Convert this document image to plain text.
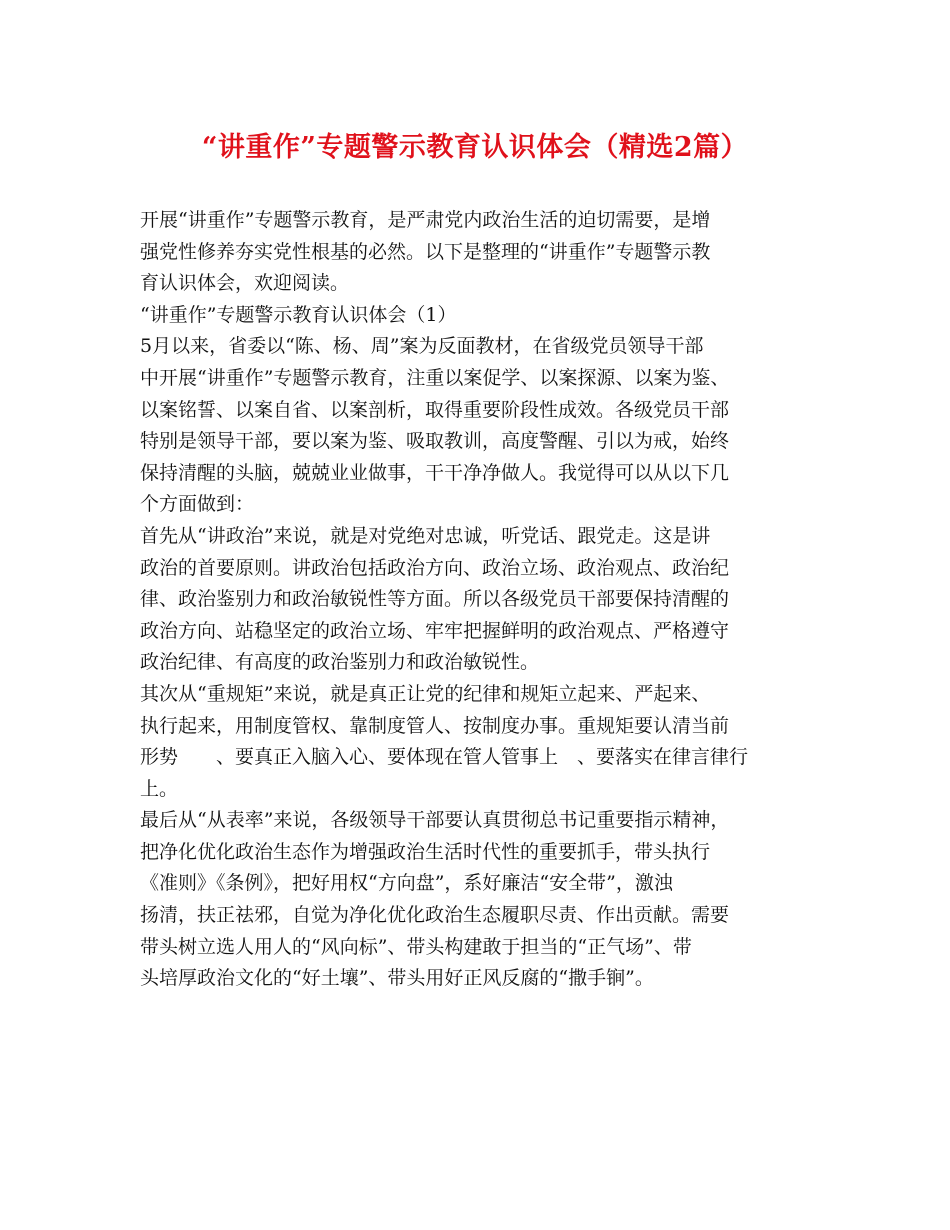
“讲重作”专题警示教育认识体会（精选2篇）
开展“讲重作”专题警示教育，是严肃党内政治生活的迫切需要，是增
强党性修养夯实党性根基的必然。以下是整理的“讲重作”专题警示教
育认识体会，欢迎阅读。
“讲重作”专题警示教育认识体会（1）
5月以来，省委以“陈、杨、周”案为反面教材，在省级党员领导干部
中开展“讲重作”专题警示教育，注重以案促学、以案探源、以案为鉴、
以案铭誓、以案自省、以案剖析，取得重要阶段性成效。各级党员干部
特别是领导干部，要以案为鉴、吸取教训，高度警醒、引以为戒，始终
保持清醒的头脑，兢兢业业做事，干干净净做人。我觉得可以从以下几
个方面做到：
首先从“讲政治”来说，就是对党绝对忠诚，听党话、跟党走。这是讲
政治的首要原则。讲政治包括政治方向、政治立场、政治观点、政治纪
律、政治鉴别力和政治敏锐性等方面。所以各级党员干部要保持清醒的
政治方向、站稳坚定的政治立场、牢牢把握鲜明的政治观点、严格遵守
政治纪律、有高度的政治鉴别力和政治敏锐性。
其次从“重规矩”来说，就是真正让党的纪律和规矩立起来、严起来、
执行起来，用制度管权、靠制度管人、按制度办事。重规矩要认清当前
形势　　、要真正入脑入心、要体现在管人管事上　、要落实在律言律行
上。
最后从“从表率”来说，各级领导干部要认真贯彻总书记重要指示精神，
把净化优化政治生态作为增强政治生活时代性的重要抓手，带头执行
《准则》《条例》，把好用权“方向盘”，系好廉洁“安全带”，激浊
扬清，扶正祛邪，自觉为净化优化政治生态履职尽责、作出贡献。需要
带头树立选人用人的“风向标”、带头构建敢于担当的“正气场”、带
头培厚政治文化的“好土壤”、带头用好正风反腐的“撒手锏”。
